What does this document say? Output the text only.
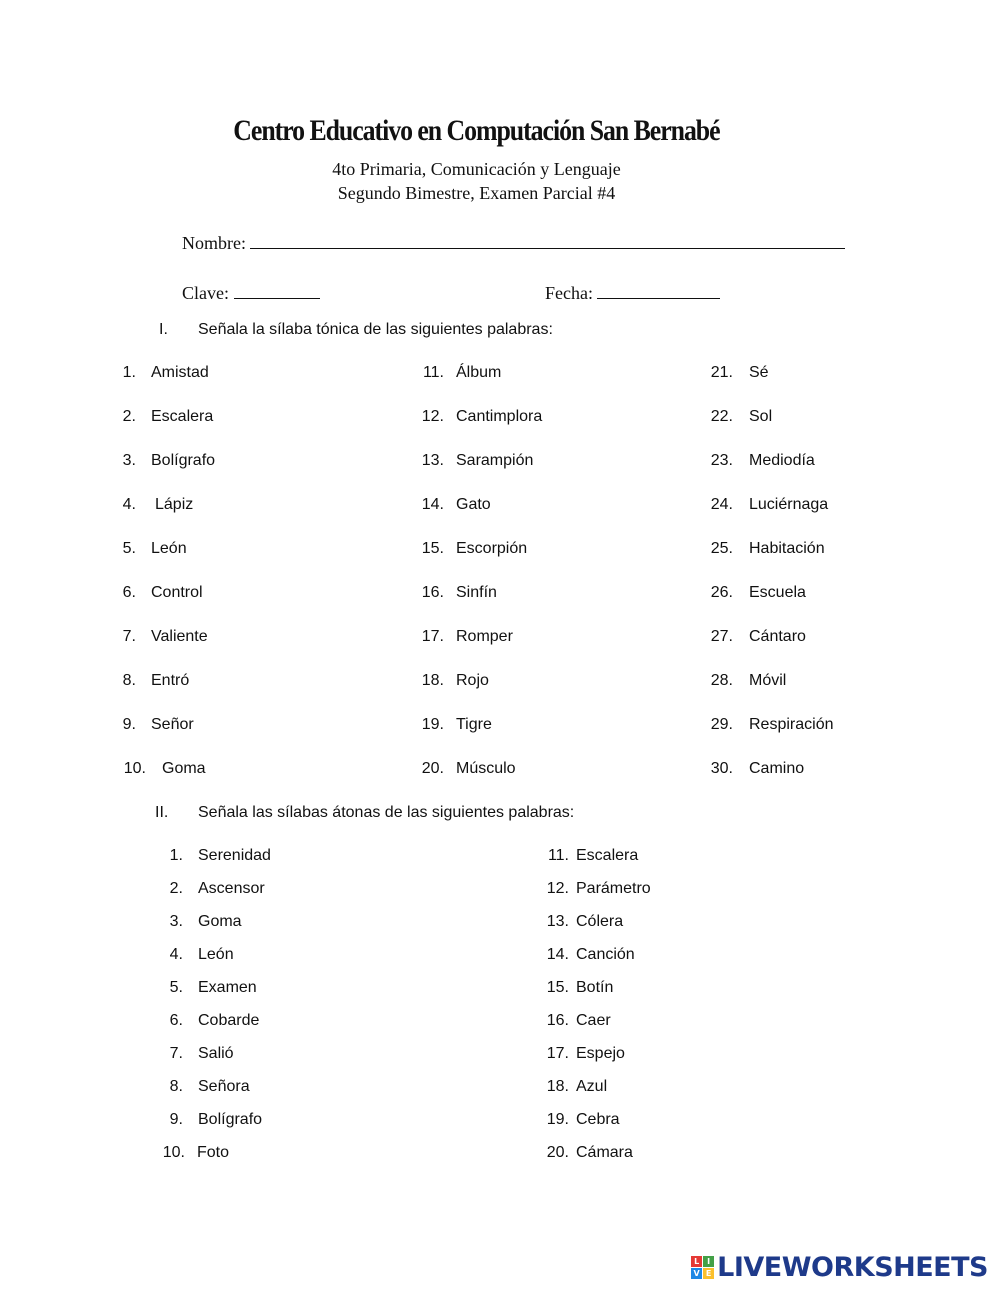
Centro Educativo en Computación San Bernabé
4to Primaria, Comunicación y Lenguaje
Segundo Bimestre, Examen Parcial #4
Nombre:
Clave:	Fecha:
I. Señala la sílaba tónica de las siguientes palabras:
1. Amistad
2. Escalera
3. Bolígrafo
4. Lápiz
5. León
6. Control
7. Valiente
8. Entró
9. Señor
10. Goma
11. Álbum
12. Cantimplora
13. Sarampión
14. Gato
15. Escorpión
16. Sinfín
17. Romper
18. Rojo
19. Tigre
20. Músculo
21. Sé
22. Sol
23. Mediodía
24. Luciérnaga
25. Habitación
26. Escuela
27. Cántaro
28. Móvil
29. Respiración
30. Camino
II. Señala las sílabas átonas de las siguientes palabras:
1. Serenidad
2. Ascensor
3. Goma
4. León
5. Examen
6. Cobarde
7. Salió
8. Señora
9. Bolígrafo
10. Foto
11. Escalera
12. Parámetro
13. Cólera
14. Canción
15. Botín
16. Caer
17. Espejo
18. Azul
19. Cebra
20. Cámara
L I
V E LIVEWORKSHEETS
